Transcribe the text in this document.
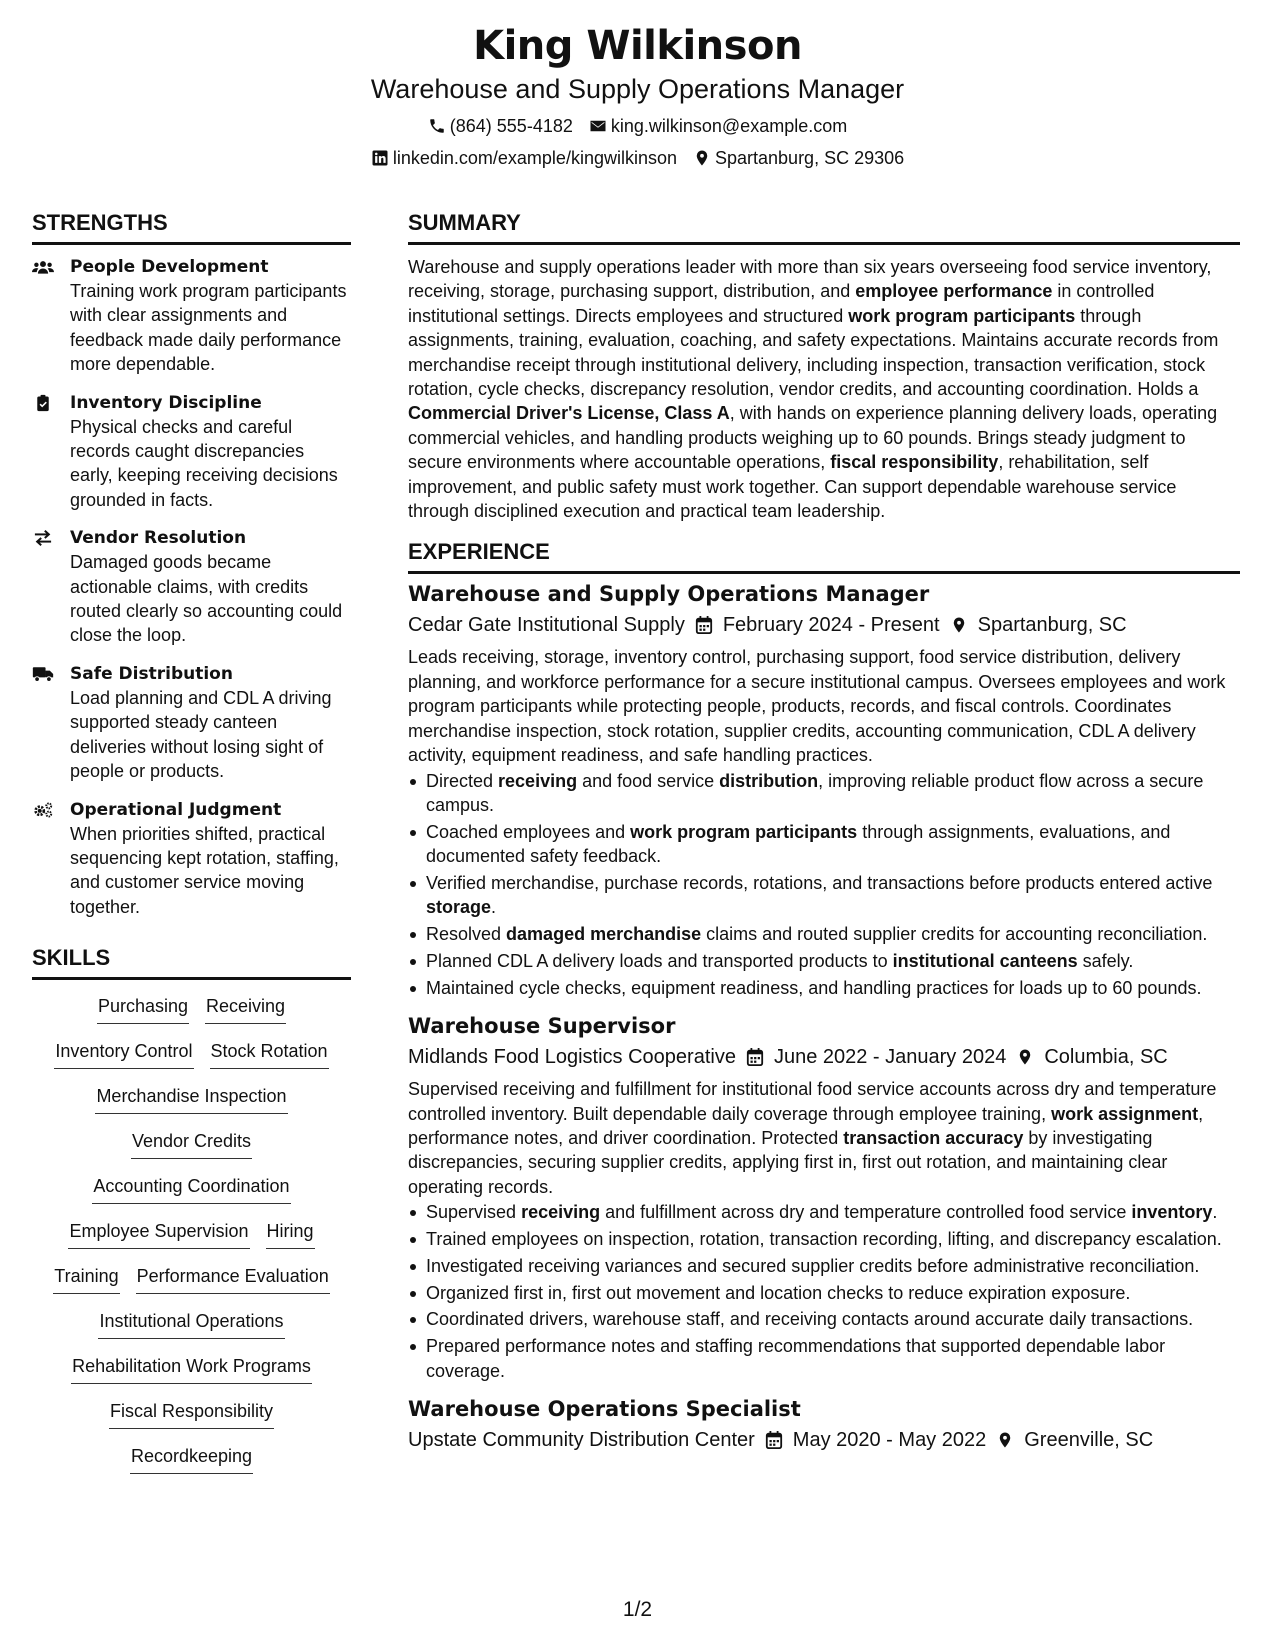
King Wilkinson
Warehouse and Supply Operations Manager
(864) 555-4182 king.wilkinson@example.com
linkedin.com/example/kingwilkinson Spartanburg, SC 29306
STRENGTHS
People Development
Training work program participants with clear assignments and feedback made daily performance more dependable.
Inventory Discipline
Physical checks and careful records caught discrepancies early, keeping receiving decisions grounded in facts.
Vendor Resolution
Damaged goods became actionable claims, with credits routed clearly so accounting could close the loop.
Safe Distribution
Load planning and CDL A driving supported steady canteen deliveries without losing sight of people or products.
Operational Judgment
When priorities shifted, practical sequencing kept rotation, staffing, and customer service moving together.
SKILLS
Purchasing Receiving
Inventory Control Stock Rotation
Merchandise Inspection
Vendor Credits
Accounting Coordination
Employee Supervision Hiring
Training Performance Evaluation
Institutional Operations
Rehabilitation Work Programs
Fiscal Responsibility
Recordkeeping
SUMMARY

Warehouse and supply operations leader with more than six years overseeing food service inventory, receiving, storage, purchasing support, distribution, and employee performance in controlled institutional settings. Directs employees and structured work program participants through assignments, training, evaluation, coaching, and safety expectations. Maintains accurate records from merchandise receipt through institutional delivery, including inspection, transaction verification, stock rotation, cycle checks, discrepancy resolution, vendor credits, and accounting coordination. Holds a Commercial Driver's License, Class A, with hands on experience planning delivery loads, operating commercial vehicles, and handling products weighing up to 60 pounds. Brings steady judgment to secure environments where accountable operations, fiscal responsibility, rehabilitation, self improvement, and public safety must work together. Can support dependable warehouse service through disciplined execution and practical team leadership.

EXPERIENCE
Warehouse and Supply Operations Manager
Cedar Gate Institutional Supply February 2024 - Present Spartanburg, SC

Leads receiving, storage, inventory control, purchasing support, food service distribution, delivery planning, and workforce performance for a secure institutional campus. Oversees employees and work program participants while protecting people, products, records, and fiscal controls. Coordinates merchandise inspection, stock rotation, supplier credits, accounting communication, CDL A delivery activity, equipment readiness, and safe handling practices.

Directed receiving and food service distribution, improving reliable product flow across a secure campus.
Coached employees and work program participants through assignments, evaluations, and documented safety feedback.
Verified merchandise, purchase records, rotations, and transactions before products entered active storage.
Resolved damaged merchandise claims and routed supplier credits for accounting reconciliation.
Planned CDL A delivery loads and transported products to institutional canteens safely.
Maintained cycle checks, equipment readiness, and handling practices for loads up to 60 pounds.
Warehouse Supervisor
Midlands Food Logistics Cooperative June 2022 - January 2024 Columbia, SC

Supervised receiving and fulfillment for institutional food service accounts across dry and temperature controlled inventory. Built dependable daily coverage through employee training, work assignment, performance notes, and driver coordination. Protected transaction accuracy by investigating discrepancies, securing supplier credits, applying first in, first out rotation, and maintaining clear operating records.

Supervised receiving and fulfillment across dry and temperature controlled food service inventory.
Trained employees on inspection, rotation, transaction recording, lifting, and discrepancy escalation.
Investigated receiving variances and secured supplier credits before administrative reconciliation.
Organized first in, first out movement and location checks to reduce expiration exposure.
Coordinated drivers, warehouse staff, and receiving contacts around accurate daily transactions.
Prepared performance notes and staffing recommendations that supported dependable labor coverage.
Warehouse Operations Specialist
Upstate Community Distribution Center May 2020 - May 2022 Greenville, SC
1/2
